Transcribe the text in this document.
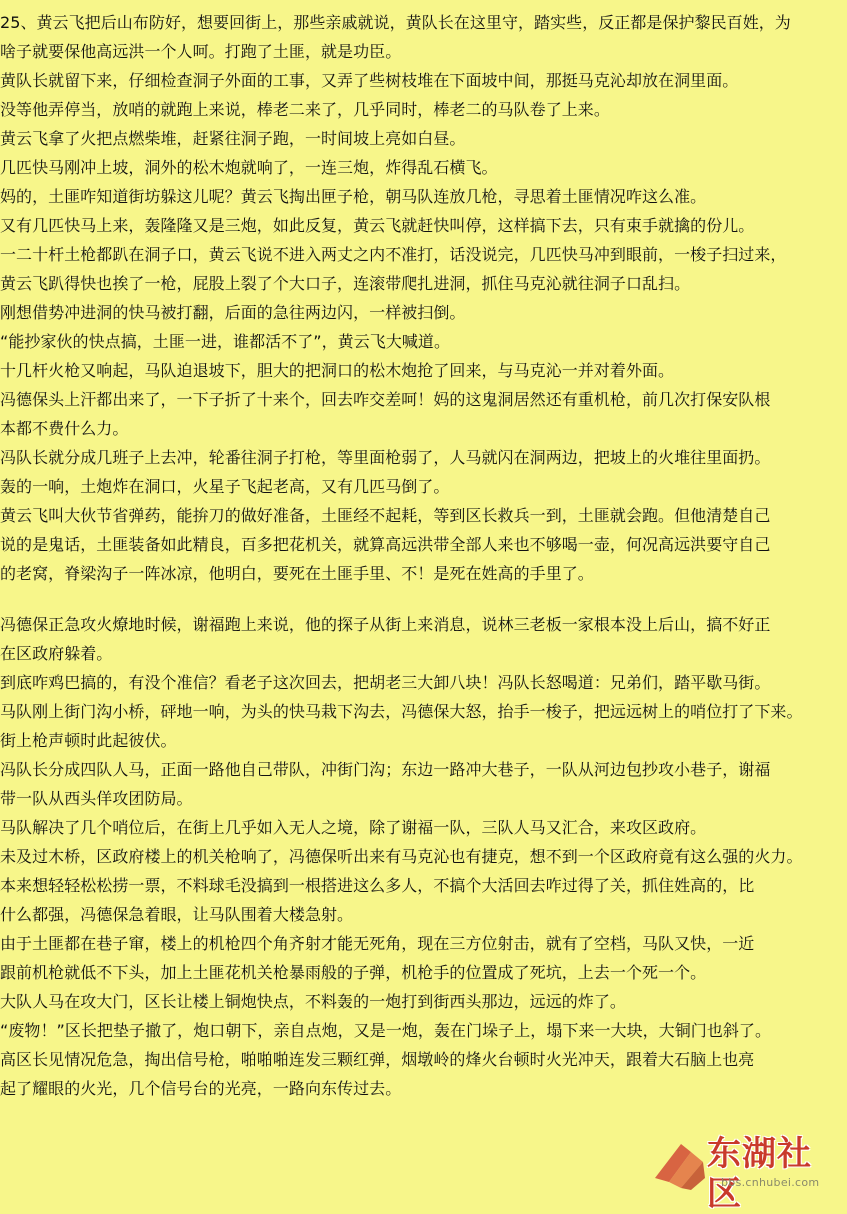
25、黄云飞把后山布防好，想要回街上，那些亲戚就说，黄队长在这里守，踏实些，反正都是保护黎民百姓，为
啥子就要保他高远洪一个人呵。打跑了土匪，就是功臣。
黄队长就留下来，仔细检查洞子外面的工事，又弄了些树枝堆在下面坡中间，那挺马克沁却放在洞里面。
没等他弄停当，放哨的就跑上来说，棒老二来了，几乎同时，棒老二的马队卷了上来。
黄云飞拿了火把点燃柴堆，赶紧往洞子跑，一时间坡上亮如白昼。
几匹快马刚冲上坡，洞外的松木炮就响了，一连三炮，炸得乱石横飞。
妈的，土匪咋知道街坊躲这儿呢？黄云飞掏出匣子枪，朝马队连放几枪，寻思着土匪情况咋这么准。
又有几匹快马上来，轰隆隆又是三炮，如此反复，黄云飞就赶快叫停，这样搞下去，只有束手就擒的份儿。
一二十杆土枪都趴在洞子口，黄云飞说不进入两丈之内不准打，话没说完，几匹快马冲到眼前，一梭子扫过来，
黄云飞趴得快也挨了一枪，屁股上裂了个大口子，连滚带爬扎进洞，抓住马克沁就往洞子口乱扫。
刚想借势冲进洞的快马被打翻，后面的急往两边闪，一样被扫倒。
“能抄家伙的快点搞，土匪一进，谁都活不了”，黄云飞大喊道。
十几杆火枪又响起，马队迫退坡下，胆大的把洞口的松木炮抢了回来，与马克沁一并对着外面。
冯德保头上汗都出来了，一下子折了十来个，回去咋交差呵！妈的这鬼洞居然还有重机枪，前几次打保安队根
本都不费什么力。
冯队长就分成几班子上去冲，轮番往洞子打枪，等里面枪弱了，人马就闪在洞两边，把坡上的火堆往里面扔。
轰的一响，土炮炸在洞口，火星子飞起老高，又有几匹马倒了。
黄云飞叫大伙节省弹药，能拚刀的做好准备，土匪经不起耗，等到区长救兵一到，土匪就会跑。但他清楚自己
说的是鬼话，土匪装备如此精良，百多把花机关，就算高远洪带全部人来也不够喝一壶，何况高远洪要守自己
的老窝，脊梁沟子一阵冰凉，他明白，要死在土匪手里、不！是死在姓高的手里了。
冯德保正急攻火燎地时候，谢福跑上来说，他的探子从街上来消息，说林三老板一家根本没上后山，搞不好正
在区政府躲着。
到底咋鸡巴搞的，有没个准信？看老子这次回去，把胡老三大卸八块！冯队长怒喝道：兄弟们，踏平歇马街。
马队刚上街门沟小桥，砰地一响，为头的快马栽下沟去，冯德保大怒，抬手一梭子，把远远树上的哨位打了下来。
街上枪声顿时此起彼伏。
冯队长分成四队人马，正面一路他自己带队，冲街门沟；东边一路冲大巷子，一队从河边包抄攻小巷子，谢福
带一队从西头佯攻团防局。
马队解决了几个哨位后，在街上几乎如入无人之境，除了谢福一队，三队人马又汇合，来攻区政府。
未及过木桥，区政府楼上的机关枪响了，冯德保听出来有马克沁也有捷克，想不到一个区政府竟有这么强的火力。
本来想轻轻松松捞一票，不料球毛没搞到一根搭进这么多人，不搞个大活回去咋过得了关，抓住姓高的，比
什么都强，冯德保急着眼，让马队围着大楼急射。
由于土匪都在巷子窜，楼上的机枪四个角齐射才能无死角，现在三方位射击，就有了空档，马队又快，一近
跟前机枪就低不下头，加上土匪花机关枪暴雨般的子弹，机枪手的位置成了死坑，上去一个死一个。
大队人马在攻大门，区长让楼上铜炮快点，不料轰的一炮打到街西头那边，远远的炸了。
“废物！”区长把垫子撤了，炮口朝下，亲自点炮，又是一炮，轰在门垛子上，塌下来一大块，大铜门也斜了。
高区长见情况危急，掏出信号枪，啪啪啪连发三颗红弹，烟墩岭的烽火台顿时火光冲天，跟着大石脑上也亮
起了耀眼的火光，几个信号台的光亮，一路向东传过去。
东湖社区
bbs.cnhubei.com
